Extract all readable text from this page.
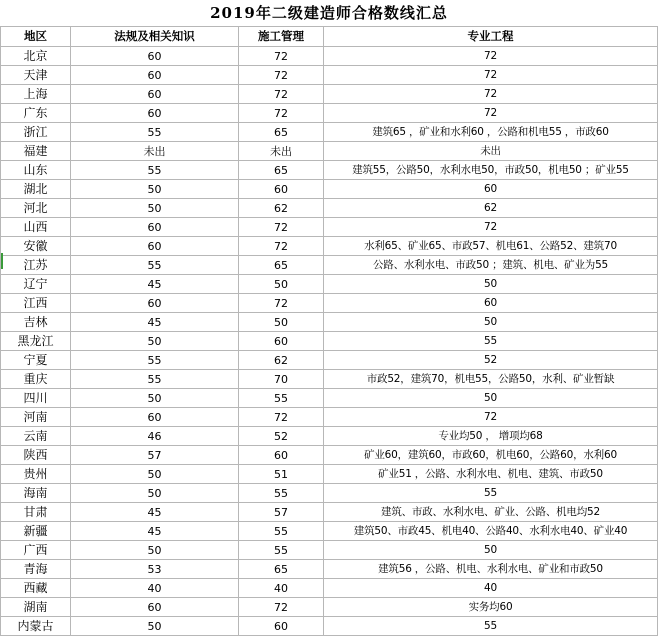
2019年二级建造师合格数线汇总
地区	法规及相关知识	施工管理	专业工程
北京	60	72	72
天津	60	72	72
上海	60	72	72
广东	60	72	72
浙江	55	65	建筑65 ，矿业和水利60 ，公路和机电55 ，市政60
福建	未出	未出	未出
山东	55	65	建筑55，公路50，水利水电50，市政50，机电50 ；矿业55
湖北	50	60	60
河北	50	62	62
山西	60	72	72
安徽	60	72	水利65、矿业65、市政57、机电61、公路52、建筑70
江苏	55	65	公路、水利水电、市政50 ；建筑、机电、矿业为55
辽宁	45	50	50
江西	60	72	60
吉林	45	50	50
黑龙江	50	60	55
宁夏	55	62	52
重庆	55	70	市政52，建筑70，机电55，公路50，水利、矿业暂缺
四川	50	55	50
河南	60	72	72
云南	46	52	专业均50 ， 增项均68
陕西	57	60	矿业60，建筑60，市政60，机电60，公路60，水利60
贵州	50	51	矿业51 ，公路、水利水电、机电、建筑、市政50
海南	50	55	55
甘肃	45	57	建筑、市政、水利水电、矿业、公路、机电均52
新疆	45	55	建筑50、市政45、机电40、公路40、水利水电40、矿业40
广西	50	55	50
青海	53	65	建筑56 ，公路、机电、水利水电、矿业和市政50
西藏	40	40	40
湖南	60	72	实务均60
内蒙古	50	60	55
